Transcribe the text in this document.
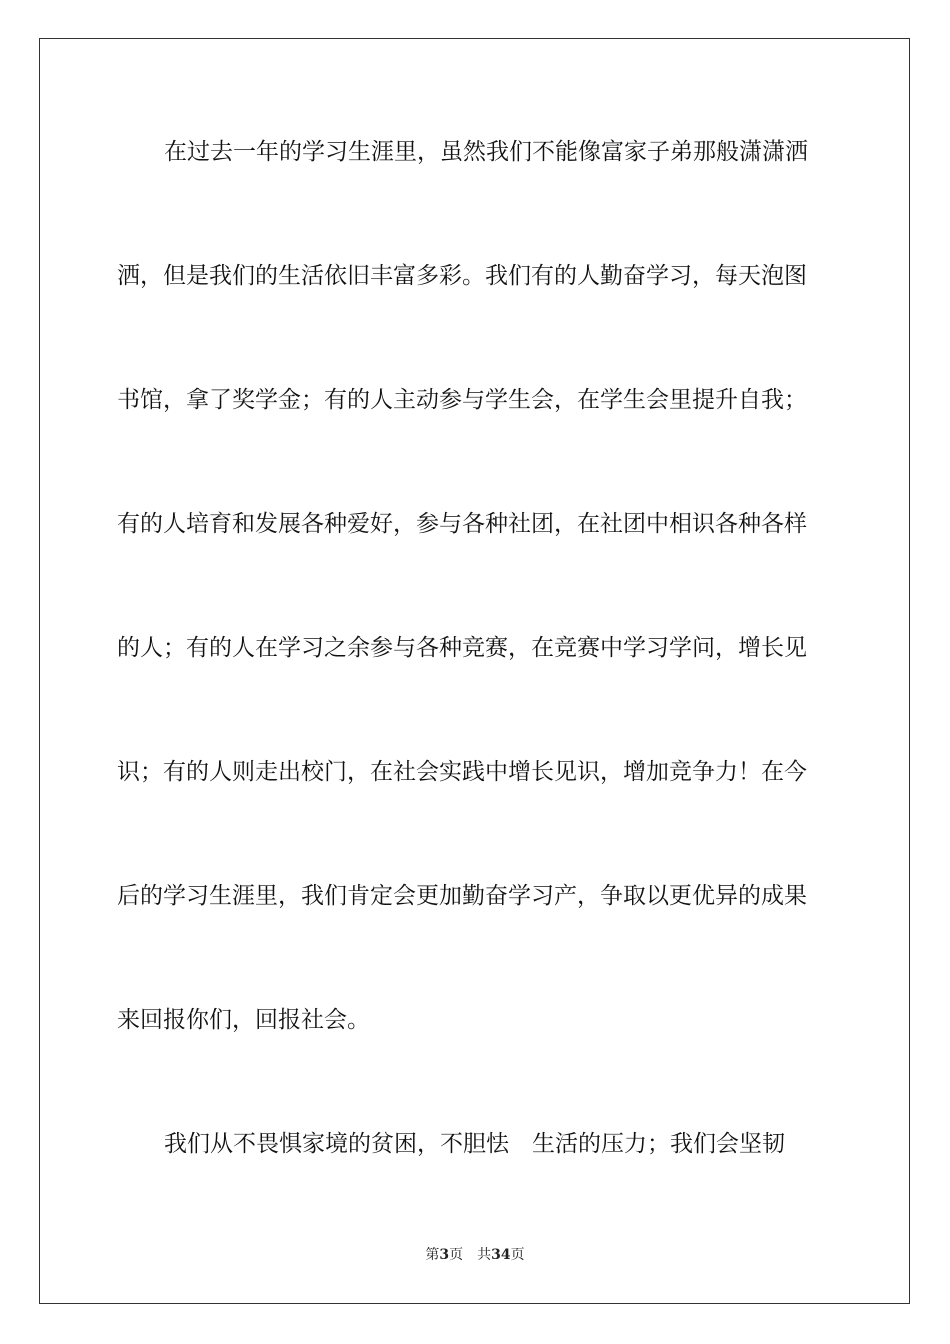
在过去一年的学习生涯里，虽然我们不能像富家子弟那般潇潇洒
洒，但是我们的生活依旧丰富多彩。我们有的人勤奋学习，每天泡图
书馆，拿了奖学金；有的人主动参与学生会，在学生会里提升自我；
有的人培育和发展各种爱好，参与各种社团，在社团中相识各种各样
的人；有的人在学习之余参与各种竞赛，在竞赛中学习学问，增长见
识；有的人则走出校门，在社会实践中增长见识，增加竞争力！在今
后的学习生涯里，我们肯定会更加勤奋学习产，争取以更优异的成果
来回报你们，回报社会。
我们从不畏惧家境的贫困，不胆怯　生活的压力；我们会坚韧
第3页 共34页
